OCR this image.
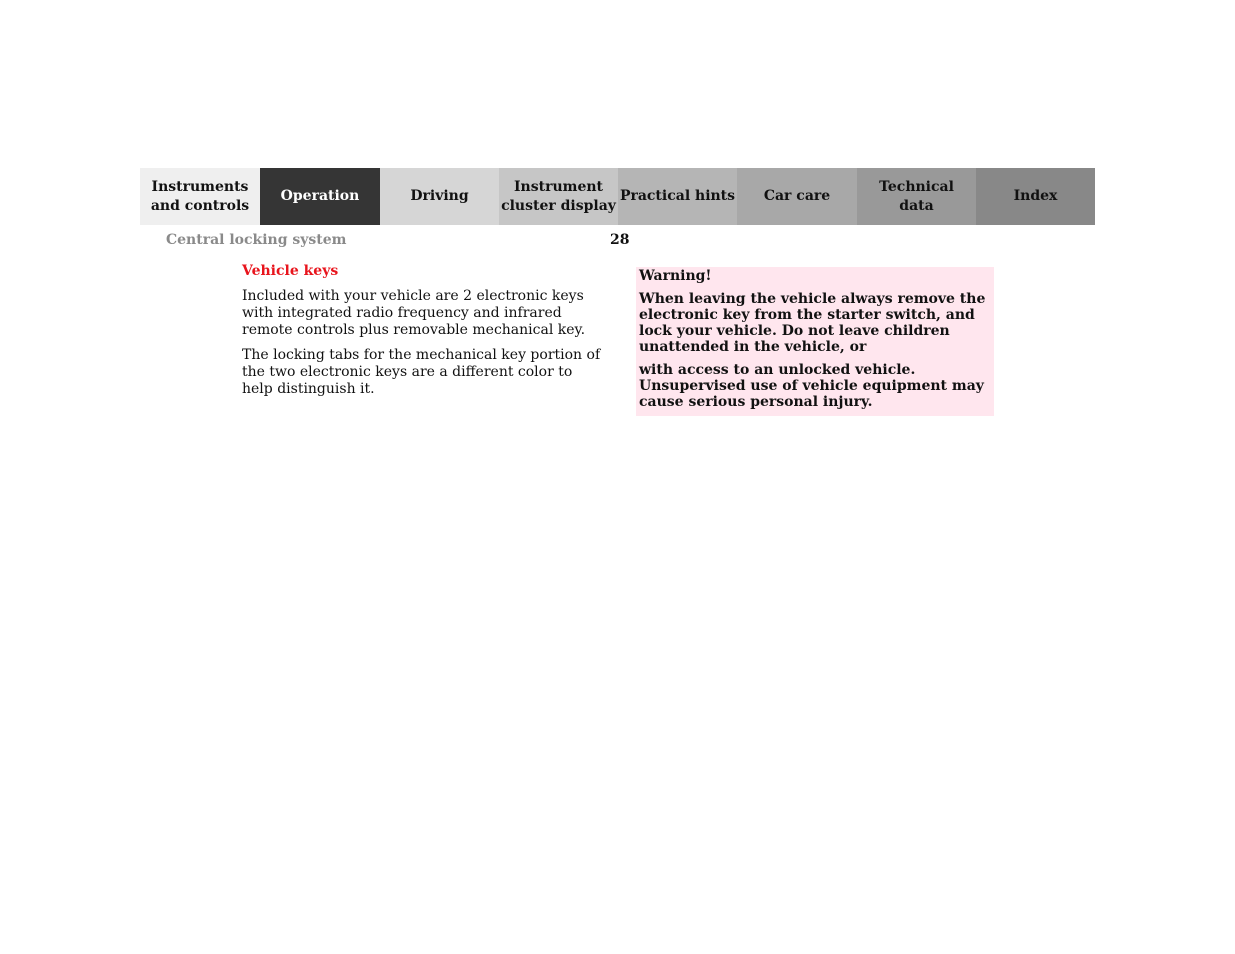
Instruments
and controls
Operation	Driving
Instrument
cluster display
Practical hints	Car care
Technical
data
Index
Central locking system	28
Vehicle keys

Included with your vehicle are 2 electronic keys with integrated radio frequency and infrared remote controls plus removable mechanical key.

The locking tabs for the mechanical key portion of the two electronic keys are a different color to help distinguish it.

Warning!

When leaving the vehicle always remove the electronic key from the starter switch, and lock your vehicle. Do not leave children unattended in the vehicle, or

with access to an unlocked vehicle. Unsupervised use of vehicle equipment may cause serious personal injury.
